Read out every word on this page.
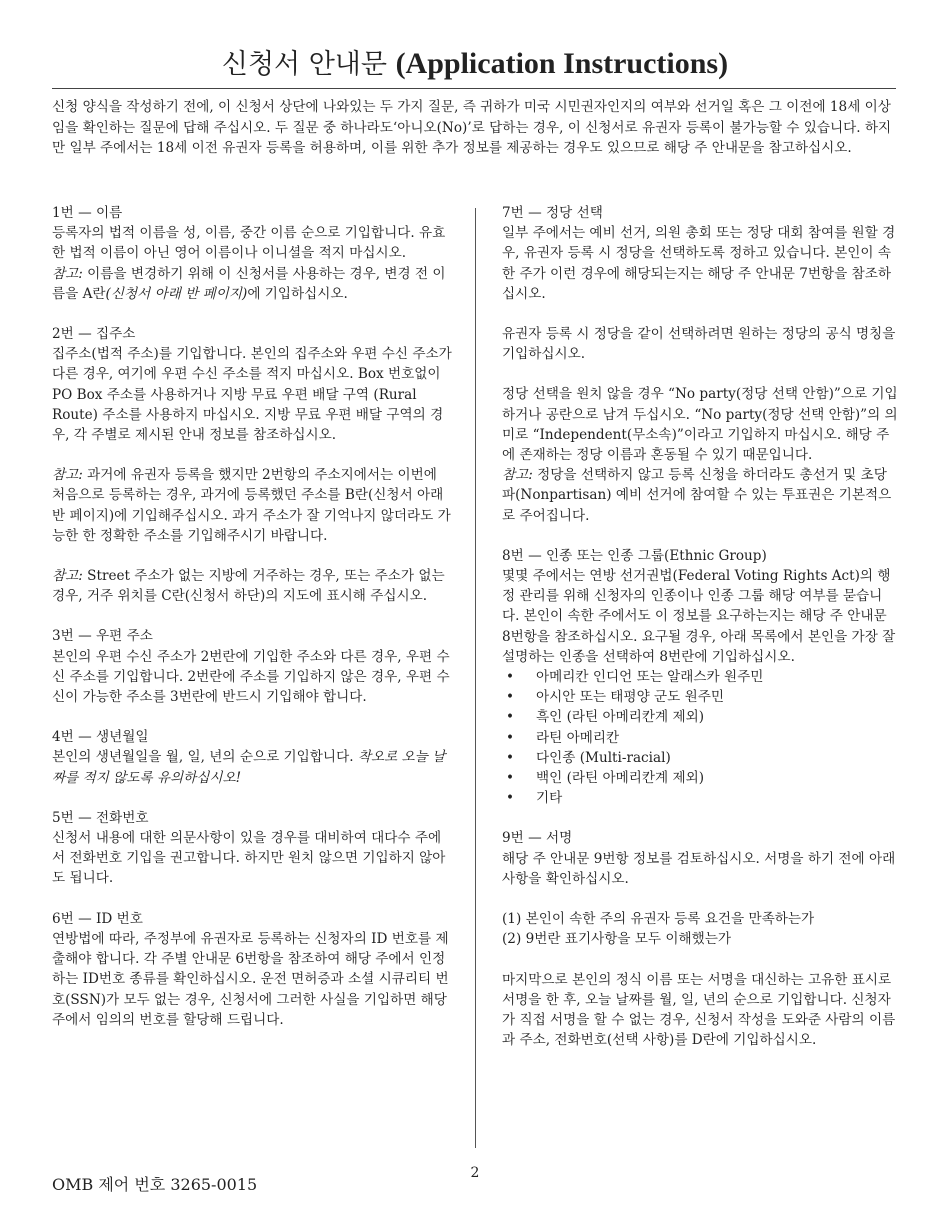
신청서 안내문 (Application Instructions)
신청 양식을 작성하기 전에, 이 신청서 상단에 나와있는 두 가지 질문, 즉 귀하가 미국 시민권자인지의 여부와 선거일 혹은 그 이전에 18세 이상임을 확인하는 질문에 답해 주십시오. 두 질문 중 하나라도‘아니오(No)’로 답하는 경우, 이 신청서로 유권자 등록이 불가능할 수 있습니다. 하지만 일부 주에서는 18세 이전 유권자 등록을 허용하며, 이를 위한 추가 정보를 제공하는 경우도 있으므로 해당 주 안내문을 참고하십시오.
1번 — 이름
등록자의 법적 이름을 성, 이름, 중간 이름 순으로 기입합니다. 유효한 법적 이름이 아닌 영어 이름이나 이니셜을 적지 마십시오.
참고: 이름을 변경하기 위해 이 신청서를 사용하는 경우, 변경 전 이름을 A란(신청서 아래 반 페이지)에 기입하십시오.
2번 — 집주소
집주소(법적 주소)를 기입합니다. 본인의 집주소와 우편 수신 주소가 다른 경우, 여기에 우편 수신 주소를 적지 마십시오. Box 번호없이 PO Box 주소를 사용하거나 지방 무료 우편 배달 구역 (Rural Route) 주소를 사용하지 마십시오. 지방 무료 우편 배달 구역의 경우, 각 주별로 제시된 안내 정보를 참조하십시오.
참고: 과거에 유권자 등록을 했지만 2번항의 주소지에서는 이번에 처음으로 등록하는 경우, 과거에 등록했던 주소를 B란(신청서 아래 반 페이지)에 기입해주십시오. 과거 주소가 잘 기억나지 않더라도 가능한 한 정확한 주소를 기입해주시기 바랍니다.
참고: Street 주소가 없는 지방에 거주하는 경우, 또는 주소가 없는 경우, 거주 위치를 C란(신청서 하단)의 지도에 표시해 주십시오.
3번 — 우편 주소
본인의 우편 수신 주소가 2번란에 기입한 주소와 다른 경우, 우편 수신 주소를 기입합니다. 2번란에 주소를 기입하지 않은 경우, 우편 수신이 가능한 주소를 3번란에 반드시 기입해야 합니다.
4번 — 생년월일
본인의 생년월일을 월, 일, 년의 순으로 기입합니다. 착오로 오늘 날짜를 적지 않도록 유의하십시오!
5번 — 전화번호
신청서 내용에 대한 의문사항이 있을 경우를 대비하여 대다수 주에서 전화번호 기입을 권고합니다. 하지만 원치 않으면 기입하지 않아도 됩니다.
6번 — ID 번호
연방법에 따라, 주정부에 유권자로 등록하는 신청자의 ID 번호를 제출해야 합니다. 각 주별 안내문 6번항을 참조하여 해당 주에서 인정하는 ID번호 종류를 확인하십시오. 운전 면허증과 소셜 시큐리티 번호(SSN)가 모두 없는 경우, 신청서에 그러한 사실을 기입하면 해당 주에서 임의의 번호를 할당해 드립니다.
7번 — 정당 선택
일부 주에서는 예비 선거, 의원 총회 또는 정당 대회 참여를 원할 경우, 유권자 등록 시 정당을 선택하도록 정하고 있습니다. 본인이 속한 주가 이런 경우에 해당되는지는 해당 주 안내문 7번항을 참조하십시오.
유권자 등록 시 정당을 같이 선택하려면 원하는 정당의 공식 명칭을 기입하십시오.
정당 선택을 원치 않을 경우 “No party(정당 선택 안함)”으로 기입하거나 공란으로 남겨 두십시오. “No party(정당 선택 안함)”의 의미로 “Independent(무소속)”이라고 기입하지 마십시오. 해당 주에 존재하는 정당 이름과 혼동될 수 있기 때문입니다.
참고: 정당을 선택하지 않고 등록 신청을 하더라도 총선거 및 초당파(Nonpartisan) 예비 선거에 참여할 수 있는 투표권은 기본적으로 주어집니다.
8번 — 인종 또는 인종 그룹(Ethnic Group)
몇몇 주에서는 연방 선거권법(Federal Voting Rights Act)의 행정 관리를 위해 신청자의 인종이나 인종 그룹 해당 여부를 묻습니다. 본인이 속한 주에서도 이 정보를 요구하는지는 해당 주 안내문 8번항을 참조하십시오. 요구될 경우, 아래 목록에서 본인을 가장 잘 설명하는 인종을 선택하여 8번란에 기입하십시오.
• 아메리칸 인디언 또는 알래스카 원주민
• 아시안 또는 태평양 군도 원주민
• 흑인 (라틴 아메리칸계 제외)
• 라틴 아메리칸
• 다인종 (Multi-racial)
• 백인 (라틴 아메리칸계 제외)
• 기타
9번 — 서명
해당 주 안내문 9번항 정보를 검토하십시오. 서명을 하기 전에 아래 사항을 확인하십시오.
(1) 본인이 속한 주의 유권자 등록 요건을 만족하는가
(2) 9번란 표기사항을 모두 이해했는가
마지막으로 본인의 정식 이름 또는 서명을 대신하는 고유한 표시로 서명을 한 후, 오늘 날짜를 월, 일, 년의 순으로 기입합니다. 신청자가 직접 서명을 할 수 없는 경우, 신청서 작성을 도와준 사람의 이름과 주소, 전화번호(선택 사항)를 D란에 기입하십시오.
OMB 제어 번호 3265-0015
2
